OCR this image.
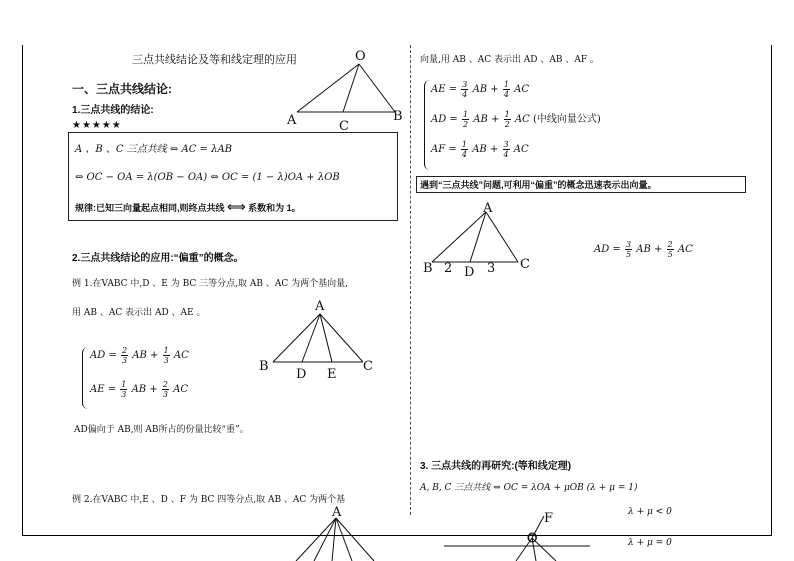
三点共线结论及等和线定理的应用
一、三点共线结论:
1.三点共线的结论:
★★★★★
A 、B 、C 三点共线 ⇔ AC = λAB
⇔ OC − OA = λ(OB − OA) ⇔ OC = (1 − λ)OA + λOB
规律:已知三向量起点相同,则终点共线 ⟺ 系数和为 1。
O
A	B
C
2.三点共线结论的应用:“偏重”的概念。
例 1.在VABC 中,D 、E 为 BC 三等分点,取 AB 、AC 为两个基向量,
用 AB 、AC 表示出 AD 、AE 。
AD = $\frac{2}{3}$ AB + $\frac{1}{3}$ AC
AE = $\frac{1}{3}$ AB + $\frac{2}{3}$ AC
AD偏向于 AB,则 AB所占的份量比较“重”。
A
B	C
D E
例 2.在VABC 中,E 、D 、F 为 BC 四等分点,取 AB 、AC 为两个基
A
向量,用 AB 、AC 表示出 AD 、AB 、AF 。
AE = $\frac{3}{4}$ AB + $\frac{1}{4}$ AC
AD = $\frac{1}{2}$ AB + $\frac{1}{2}$ AC (中线向量公式)
AF = $\frac{1}{4}$ AB + $\frac{3}{4}$ AC
遇到“三点共线”问题,可利用“偏重”的概念迅速表示出向量。
A
B	C
D
2	3
AD = $\frac{3}{5}$ AB + $\frac{2}{5}$ AC
3. 三点共线的再研究:(等和线定理)
A, B, C 三点共线 ⇔ OC = λOA + μOB (λ + μ = 1)
λ + μ < 0
λ + μ = 0
F
O
